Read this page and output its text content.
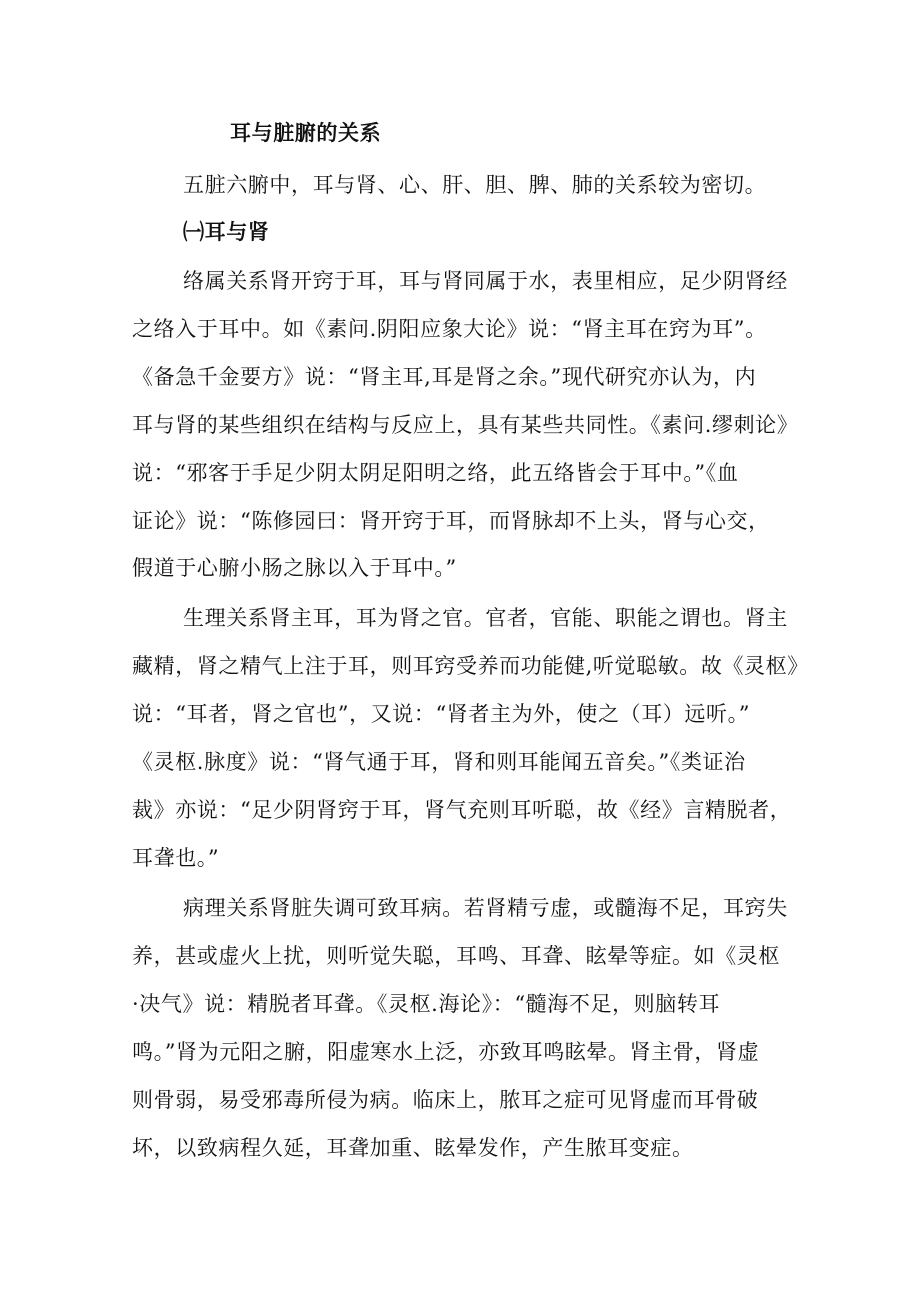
耳与脏腑的关系
五脏六腑中，耳与肾、心、肝、胆、脾、肺的关系较为密切。
㈠耳与肾
络属关系肾开窍于耳，耳与肾同属于水，表里相应，足少阴肾经
之络入于耳中。如《素问.阴阳应象大论》说：“肾主耳在窍为耳”。
《备急千金要方》说：“肾主耳,耳是肾之余。”现代研究亦认为，内
耳与肾的某些组织在结构与反应上，具有某些共同性。《素问.缪刺论》
说：“邪客于手足少阴太阴足阳明之络，此五络皆会于耳中。”《血
证论》说：“陈修园曰：肾开窍于耳，而肾脉却不上头，肾与心交，
假道于心腑小肠之脉以入于耳中。”
生理关系肾主耳，耳为肾之官。官者，官能、职能之谓也。肾主
藏精，肾之精气上注于耳，则耳窍受养而功能健,听觉聪敏。故《灵枢》
说：“耳者，肾之官也”，又说：“肾者主为外，使之（耳）远听。”
《灵枢.脉度》说：“肾气通于耳，肾和则耳能闻五音矣。”《类证治
裁》亦说：“足少阴肾窍于耳，肾气充则耳听聪，故《经》言精脱者，
耳聋也。”
病理关系肾脏失调可致耳病。若肾精亏虚，或髓海不足，耳窍失
养，甚或虚火上扰，则听觉失聪，耳鸣、耳聋、眩晕等症。如《灵枢
·决气》说：精脱者耳聋。《灵枢.海论》：“髓海不足，则脑转耳
鸣。”肾为元阳之腑，阳虚寒水上泛，亦致耳鸣眩晕。肾主骨，肾虚
则骨弱，易受邪毒所侵为病。临床上，脓耳之症可见肾虚而耳骨破
坏，以致病程久延，耳聋加重、眩晕发作，产生脓耳变症。
